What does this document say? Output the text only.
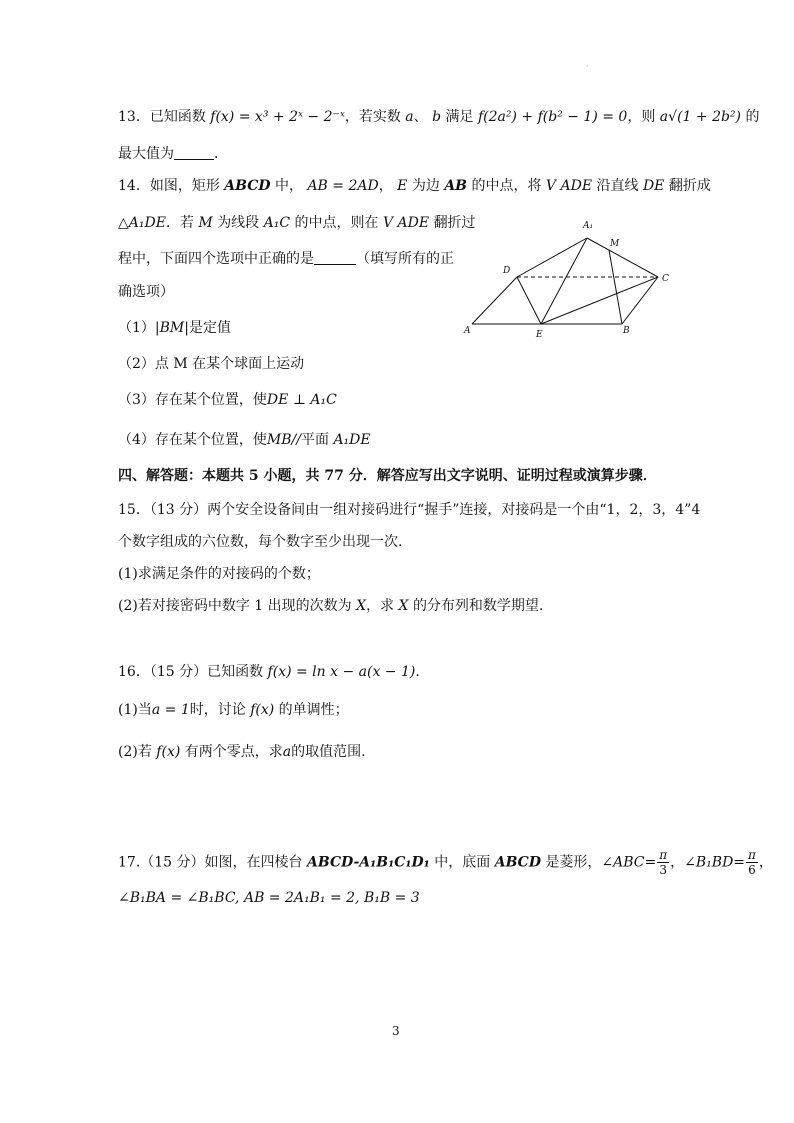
·
13．已知函数 f(x) = x³ + 2ˣ − 2⁻ˣ，若实数 a、 b 满足 f(2a²) + f(b² − 1) = 0，则 a√(1 + 2b²) 的
最大值为	．
14．如图，矩形 ABCD 中， AB = 2AD， E 为边 AB 的中点，将 V ADE 沿直线 DE 翻折成
△A₁DE．若 M 为线段 A₁C 的中点，则在 V ADE 翻折过
程中，下面四个选项中正确的是	（填写所有的正
确选项）
（1）|BM|是定值
（2）点 M 在某个球面上运动
（3）存在某个位置，使DE ⊥ A₁C
（4）存在某个位置，使MB//平面 A₁DE
A₁
M
D
C
A	E	B
四、解答题：本题共 5 小题，共 77 分．解答应写出文字说明、证明过程或演算步骤．
15．（13 分）两个安全设备间由一组对接码进行“握手”连接，对接码是一个由“1，2，3，4”4
个数字组成的六位数，每个数字至少出现一次.
(1)求满足条件的对接码的个数；
(2)若对接密码中数字 1 出现的次数为 X，求 X 的分布列和数学期望.
16．（15 分）已知函数 f(x) = ln x − a(x − 1).
(1)当a = 1时，讨论 f(x) 的单调性；
(2)若 f(x) 有两个零点，求a的取值范围.
17.（15 分）如图，在四棱台 ABCD-A₁B₁C₁D₁ 中，底面 ABCD 是菱形，∠ABC= $\frac{\pi}{3}$ ，∠B₁BD= $\frac{\pi}{6}$ ，
∠B₁BA = ∠B₁BC, AB = 2A₁B₁ = 2, B₁B = 3
3
